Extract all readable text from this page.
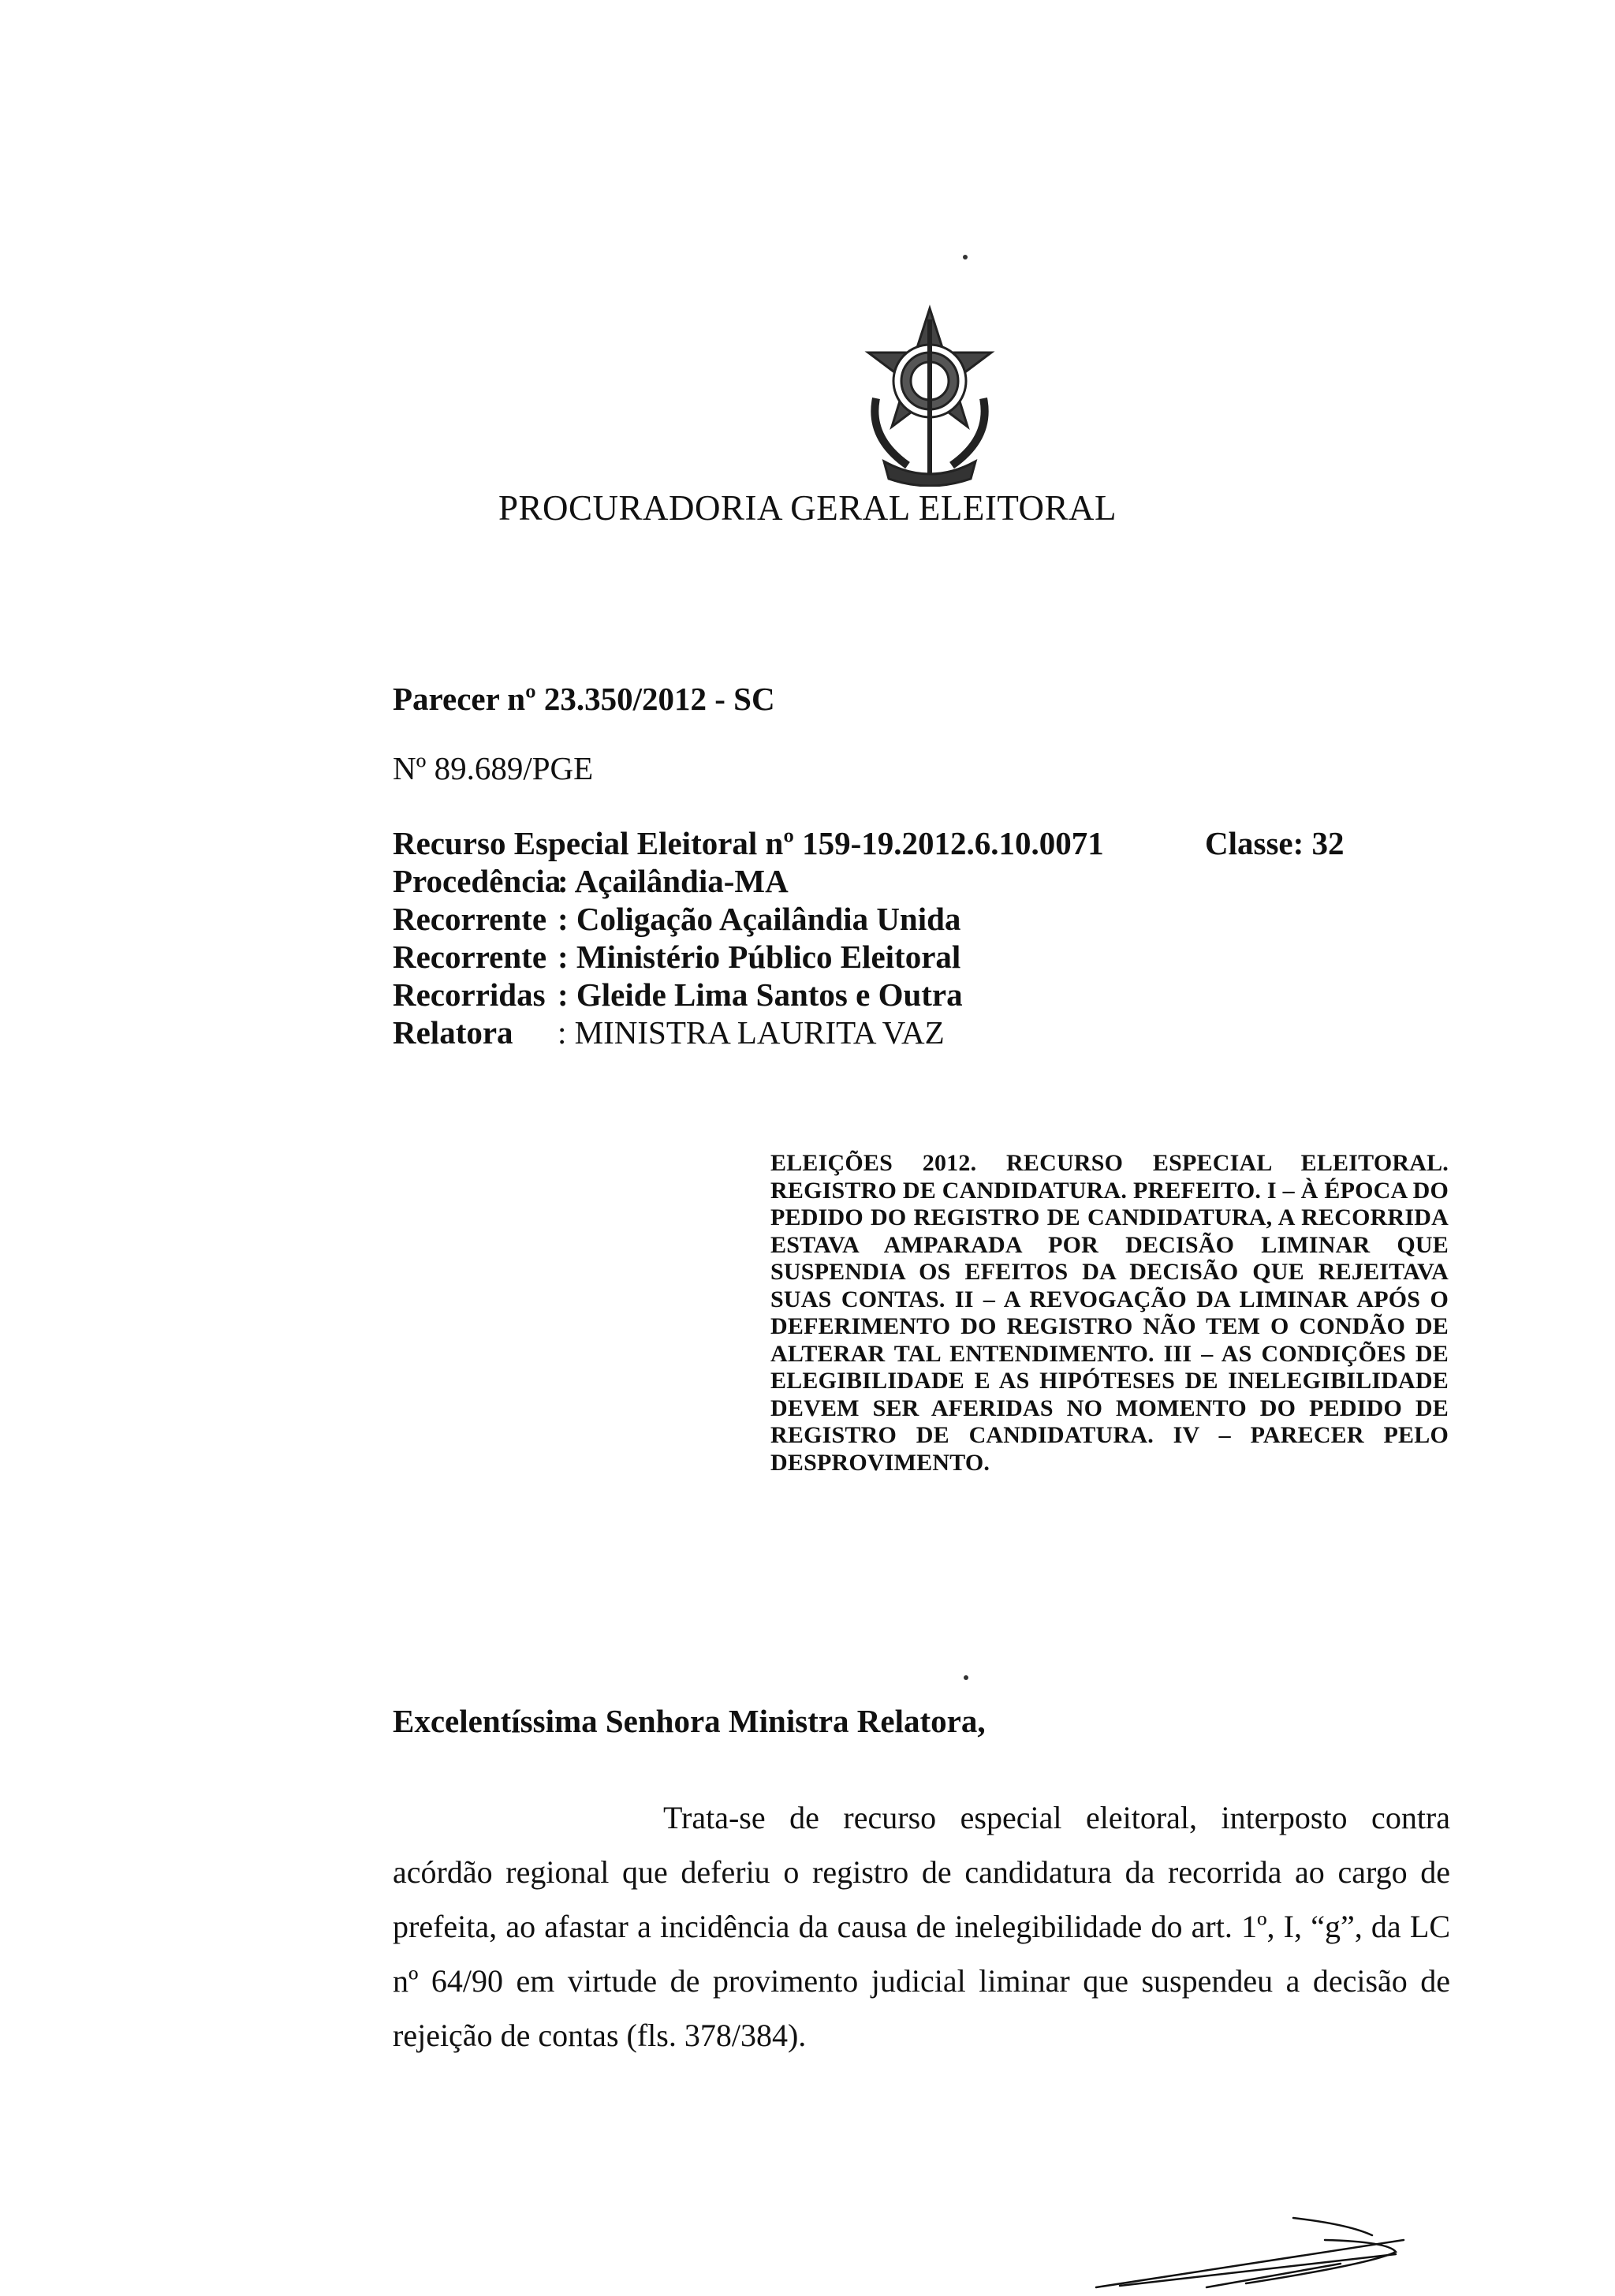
PROCURADORIA GERAL ELEITORAL
Parecer nº 23.350/2012 - SC
Nº 89.689/PGE
Recurso Especial Eleitoral nº 159-19.2012.6.10.0071
Procedência
: Açailândia-MA
Recorrente : Coligação Açailândia Unida
Recorrente : Ministério Público Eleitoral
Recorridas : Gleide Lima Santos e Outra
Relatora	: MINISTRA LAURITA VAZ
Classe: 32
ELEIÇÕES 2012. RECURSO ESPECIAL ELEITORAL. REGISTRO DE CANDIDATURA. PREFEITO. I – À ÉPOCA DO PEDIDO DO REGISTRO DE CANDIDATURA, A RECORRIDA ESTAVA AMPARADA POR DECISÃO LIMINAR QUE SUSPENDIA OS EFEITOS DA DECISÃO QUE REJEITAVA SUAS CONTAS. II – A REVOGAÇÃO DA LIMINAR APÓS O DEFERIMENTO DO REGISTRO NÃO TEM O CONDÃO DE ALTERAR TAL ENTENDIMENTO. III – AS CONDIÇÕES DE ELEGIBILIDADE E AS HIPÓTESES DE INELEGIBILIDADE DEVEM SER AFERIDAS NO MOMENTO DO PEDIDO DE REGISTRO DE CANDIDATURA. IV – PARECER PELO DESPROVIMENTO.
Excelentíssima Senhora Ministra Relatora,
Trata-se de recurso especial eleitoral, interposto contra acórdão regional que deferiu o registro de candidatura da recorrida ao cargo de prefeita, ao afastar a incidência da causa de inelegibilidade do art. 1º, I, “g”, da LC nº 64/90 em virtude de provimento judicial liminar que suspendeu a decisão de rejeição de contas (fls. 378/384).
